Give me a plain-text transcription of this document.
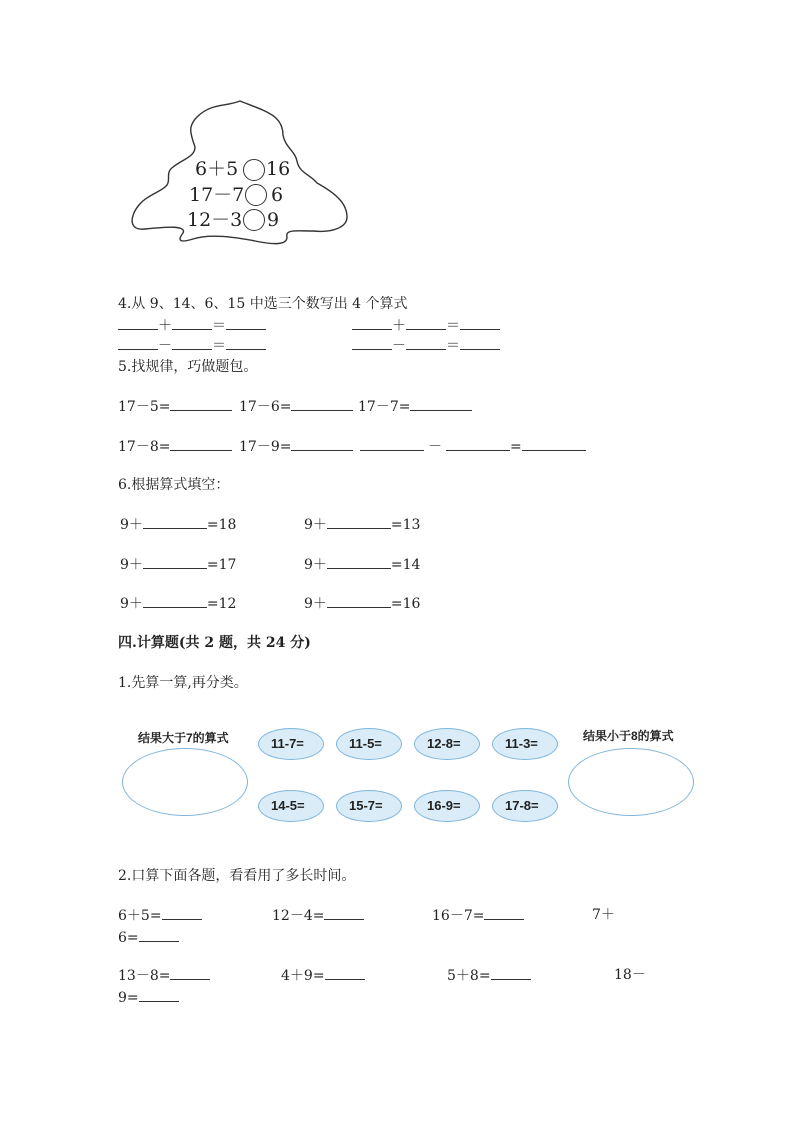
6＋5 16
17－7 6
12－3 9
4.从 9、14、6、15 中选三个数写出 4 个算式
＋	＝	＋	＝
－	＝	－	＝
5.找规律，巧做题包。
17－5=	17－6=	17－7=
17－8=	17－9=	－	=
6.根据算式填空：
9＋	=18	9＋	=13
9＋	=17	9＋	=14
9＋	=12	9＋	=16
四.计算题(共 2 题，共 24 分)
1.先算一算,再分类。
结果大于7的算式	结果小于8的算式
11-7=	11-5=	12-8=	11-3=
14-5=	15-7=	16-9=	17-8=
2.口算下面各题，看看用了多长时间。
6＋5=	12－4=	16－7=	7＋
6=
13－8=	4＋9=	5＋8=	18－
9=
